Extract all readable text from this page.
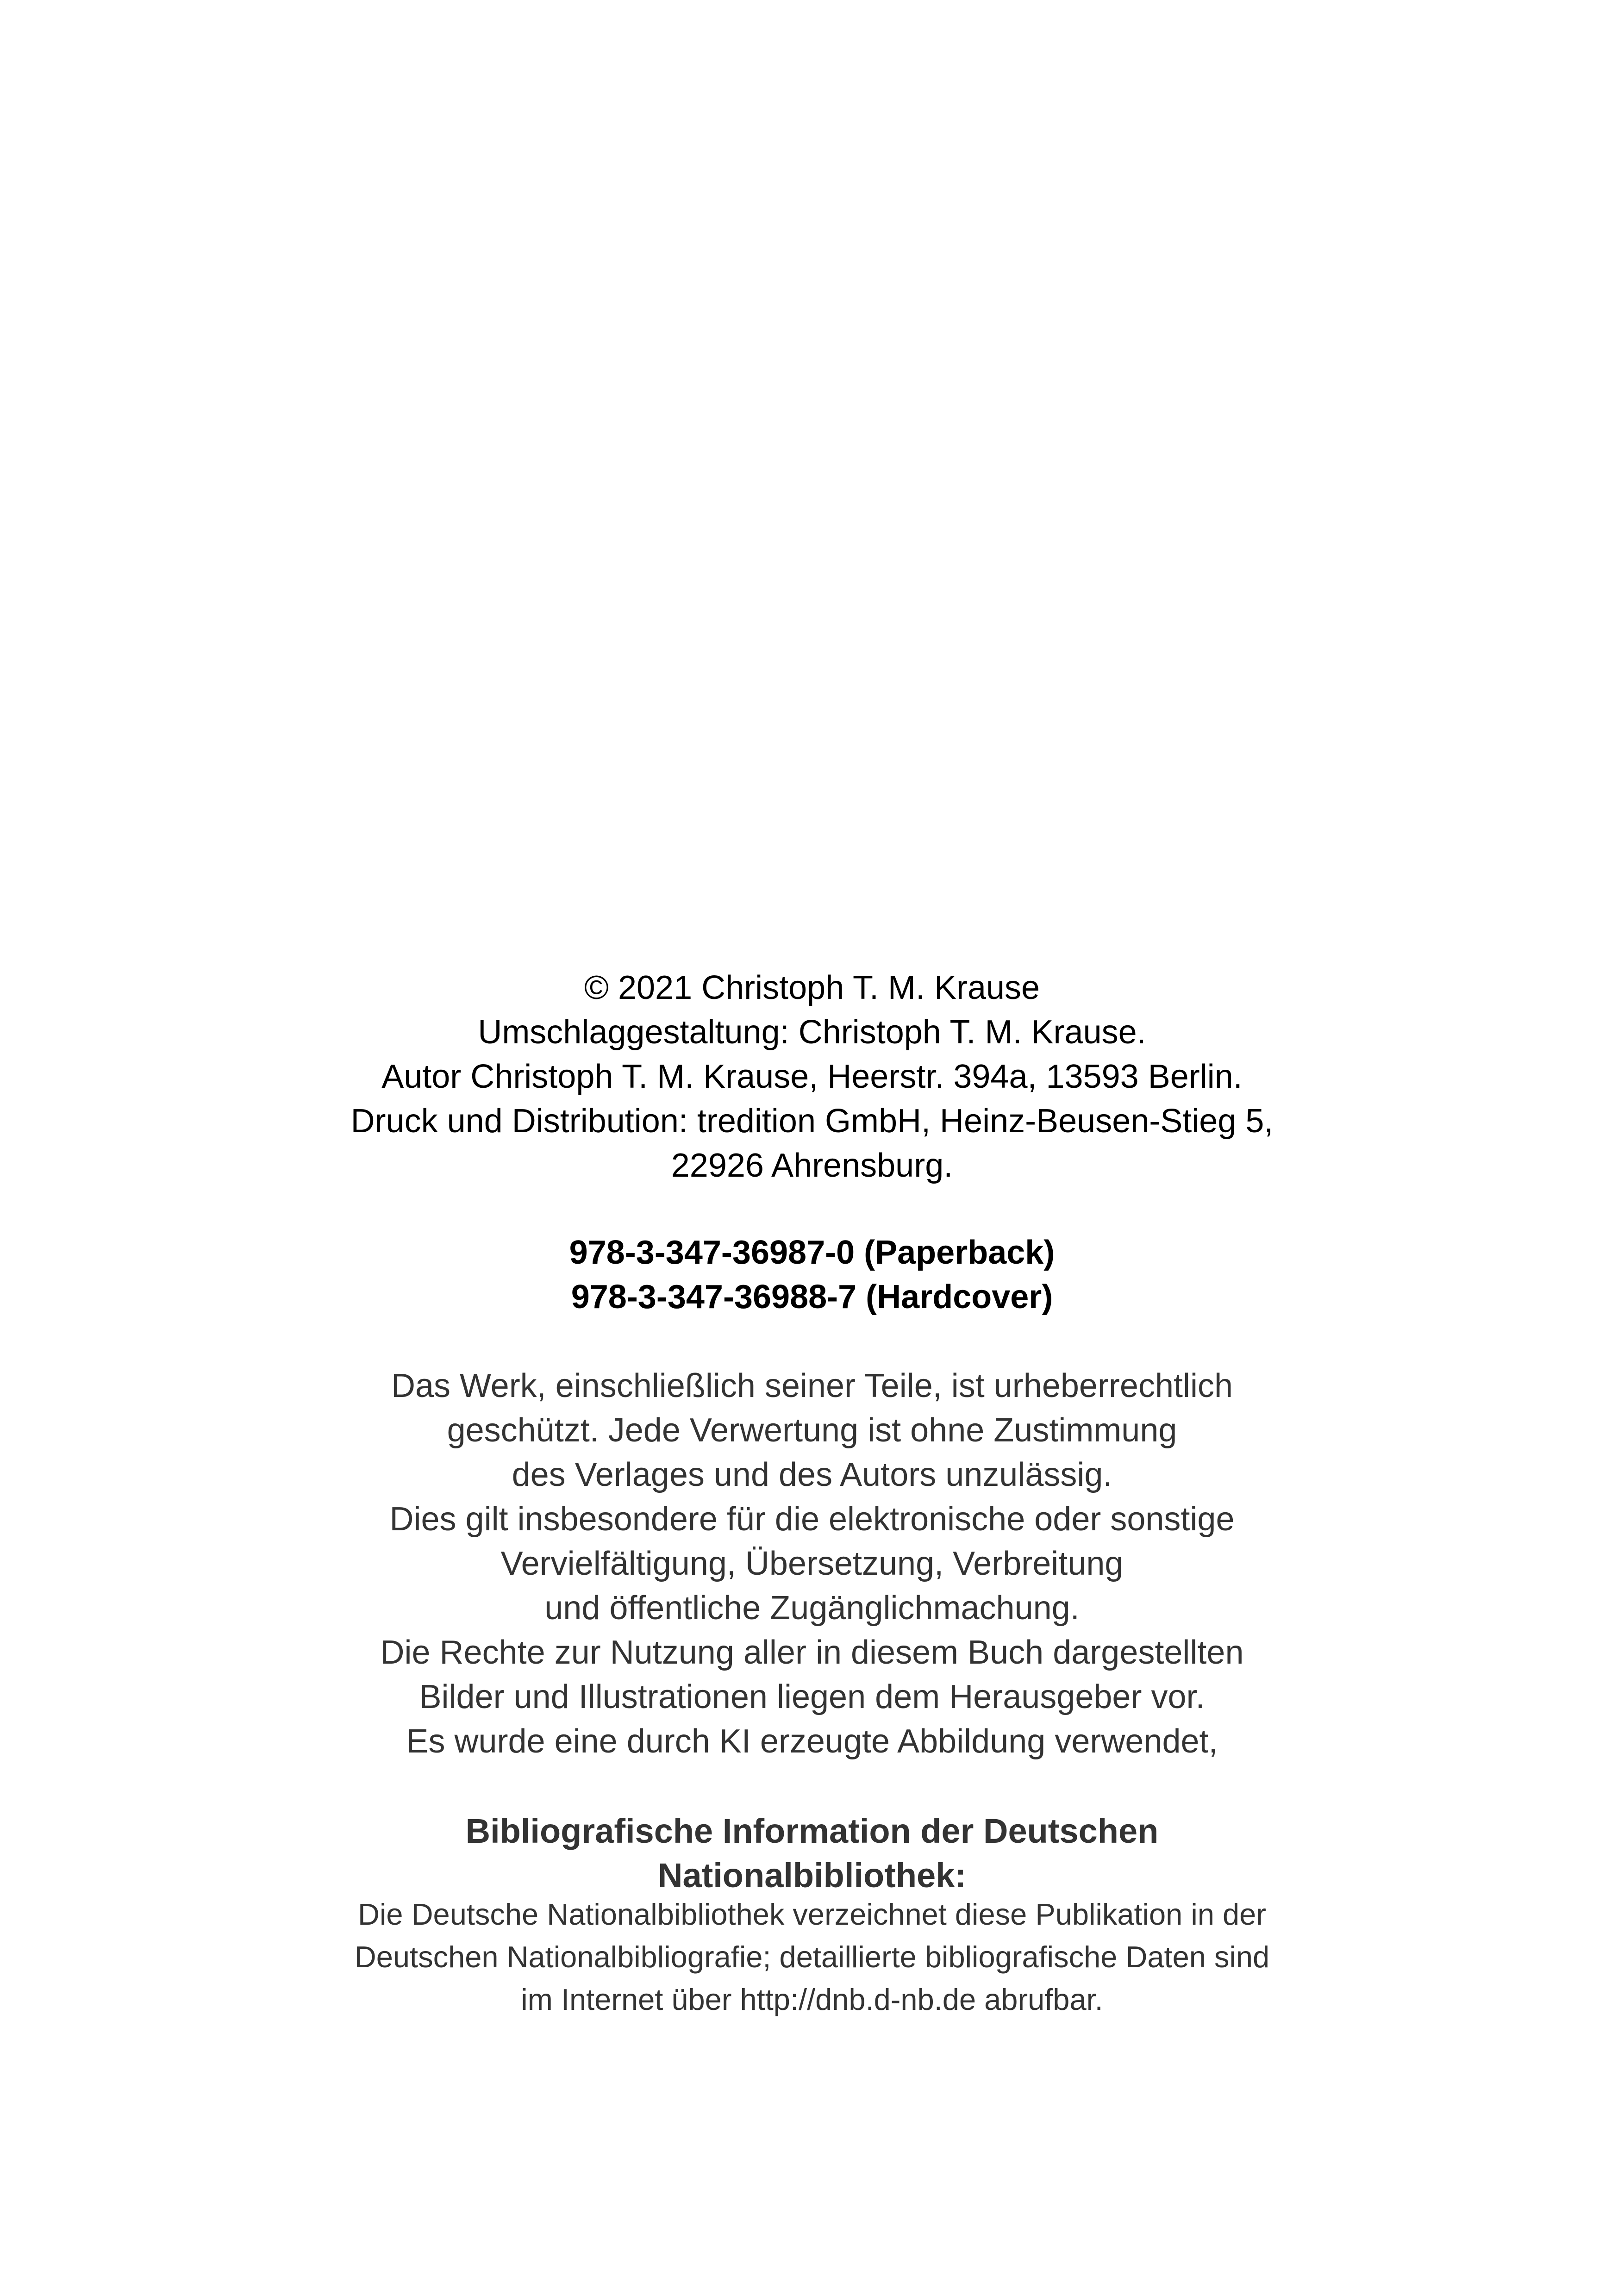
© 2021 Christoph T. M. Krause
Umschlaggestaltung: Christoph T. M. Krause.
Autor Christoph T. M. Krause, Heerstr. 394a, 13593 Berlin.
Druck und Distribution: tredition GmbH, Heinz-Beusen-Stieg 5,
22926 Ahrensburg.
978-3-347-36987-0 (Paperback)
978-3-347-36988-7 (Hardcover)
Das Werk, einschließlich seiner Teile, ist urheberrechtlich
geschützt. Jede Verwertung ist ohne Zustimmung
des Verlages und des Autors unzulässig.
Dies gilt insbesondere für die elektronische oder sonstige
Vervielfältigung, Übersetzung, Verbreitung
und öffentliche Zugänglichmachung.
Die Rechte zur Nutzung aller in diesem Buch dargestellten
Bilder und Illustrationen liegen dem Herausgeber vor.
Es wurde eine durch KI erzeugte Abbildung verwendet,
Bibliografische Information der Deutschen
Nationalbibliothek:
Die Deutsche Nationalbibliothek verzeichnet diese Publikation in der
Deutschen Nationalbibliografie; detaillierte bibliografische Daten sind
im Internet über http://dnb.d-nb.de abrufbar.
